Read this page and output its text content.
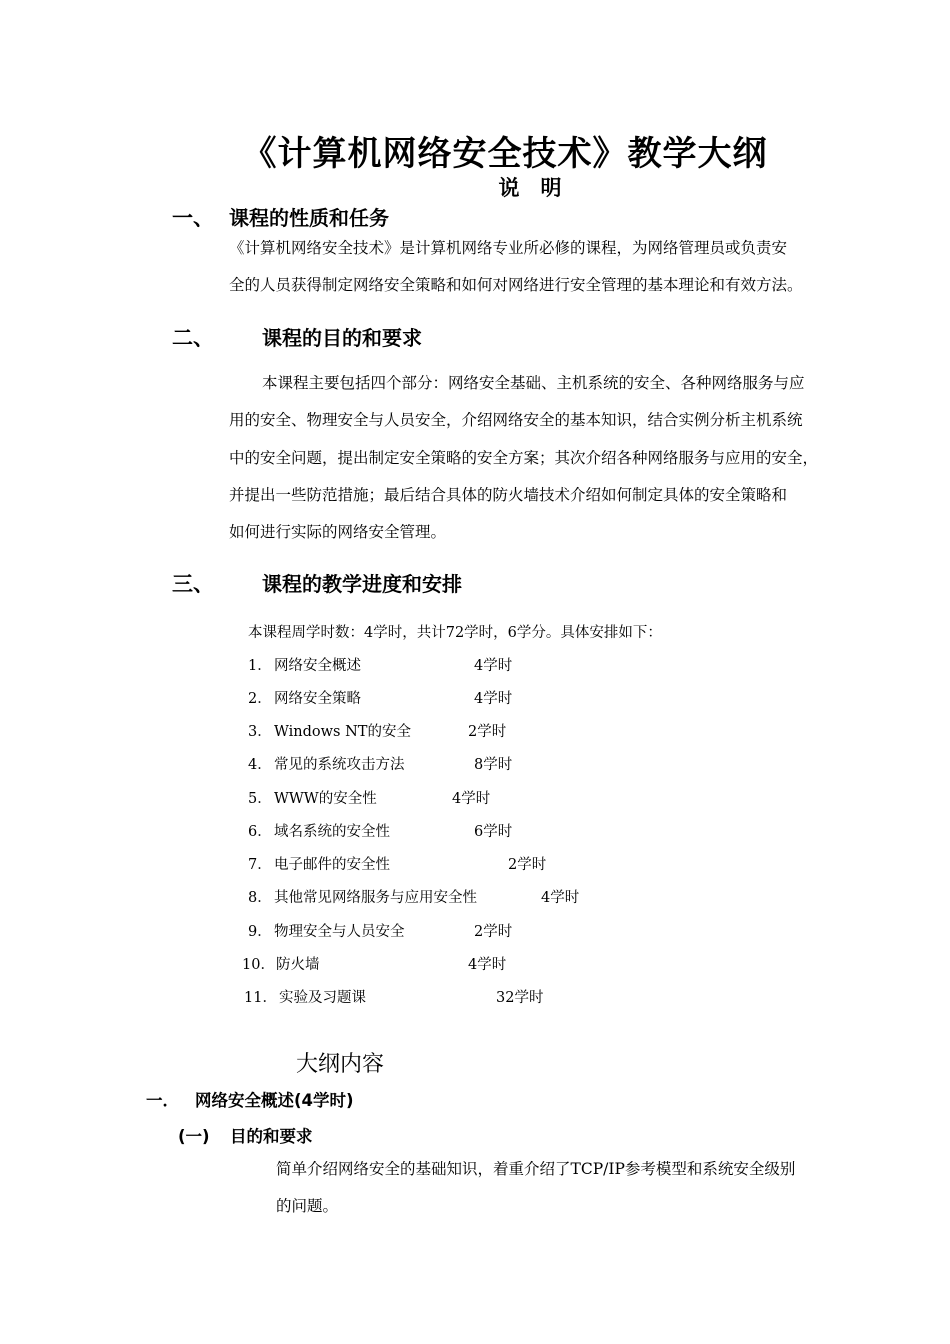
《计算机网络安全技术》教学大纲
说　明
一、 课程的性质和任务
《计算机网络安全技术》是计算机网络专业所必修的课程，为网络管理员或负责安
全的人员获得制定网络安全策略和如何对网络进行安全管理的基本理论和有效方法。
二、 课程的目的和要求
本课程主要包括四个部分：网络安全基础、主机系统的安全、各种网络服务与应
用的安全、物理安全与人员安全，介绍网络安全的基本知识，结合实例分析主机系统
中的安全问题，提出制定安全策略的安全方案；其次介绍各种网络服务与应用的安全，
并提出一些防范措施；最后结合具体的防火墙技术介绍如何制定具体的安全策略和
如何进行实际的网络安全管理。
三、 课程的教学进度和安排
本课程周学时数：4学时，共计72学时，6学分。具体安排如下：
1． 网络安全概述	4学时
2． 网络安全策略	4学时
3． Windows NT的安全	2学时
4． 常见的系统攻击方法	8学时
5． WWW的安全性	4学时
6． 域名系统的安全性	6学时
7． 电子邮件的安全性	2学时
8． 其他常见网络服务与应用安全性	4学时
9． 物理安全与人员安全	2学时
10． 防火墙	4学时
11． 实验及习题课	32学时
大纲内容
一． 网络安全概述(4学时)
(一) 目的和要求
简单介绍网络安全的基础知识，着重介绍了TCP/IP参考模型和系统安全级别
的问题。
